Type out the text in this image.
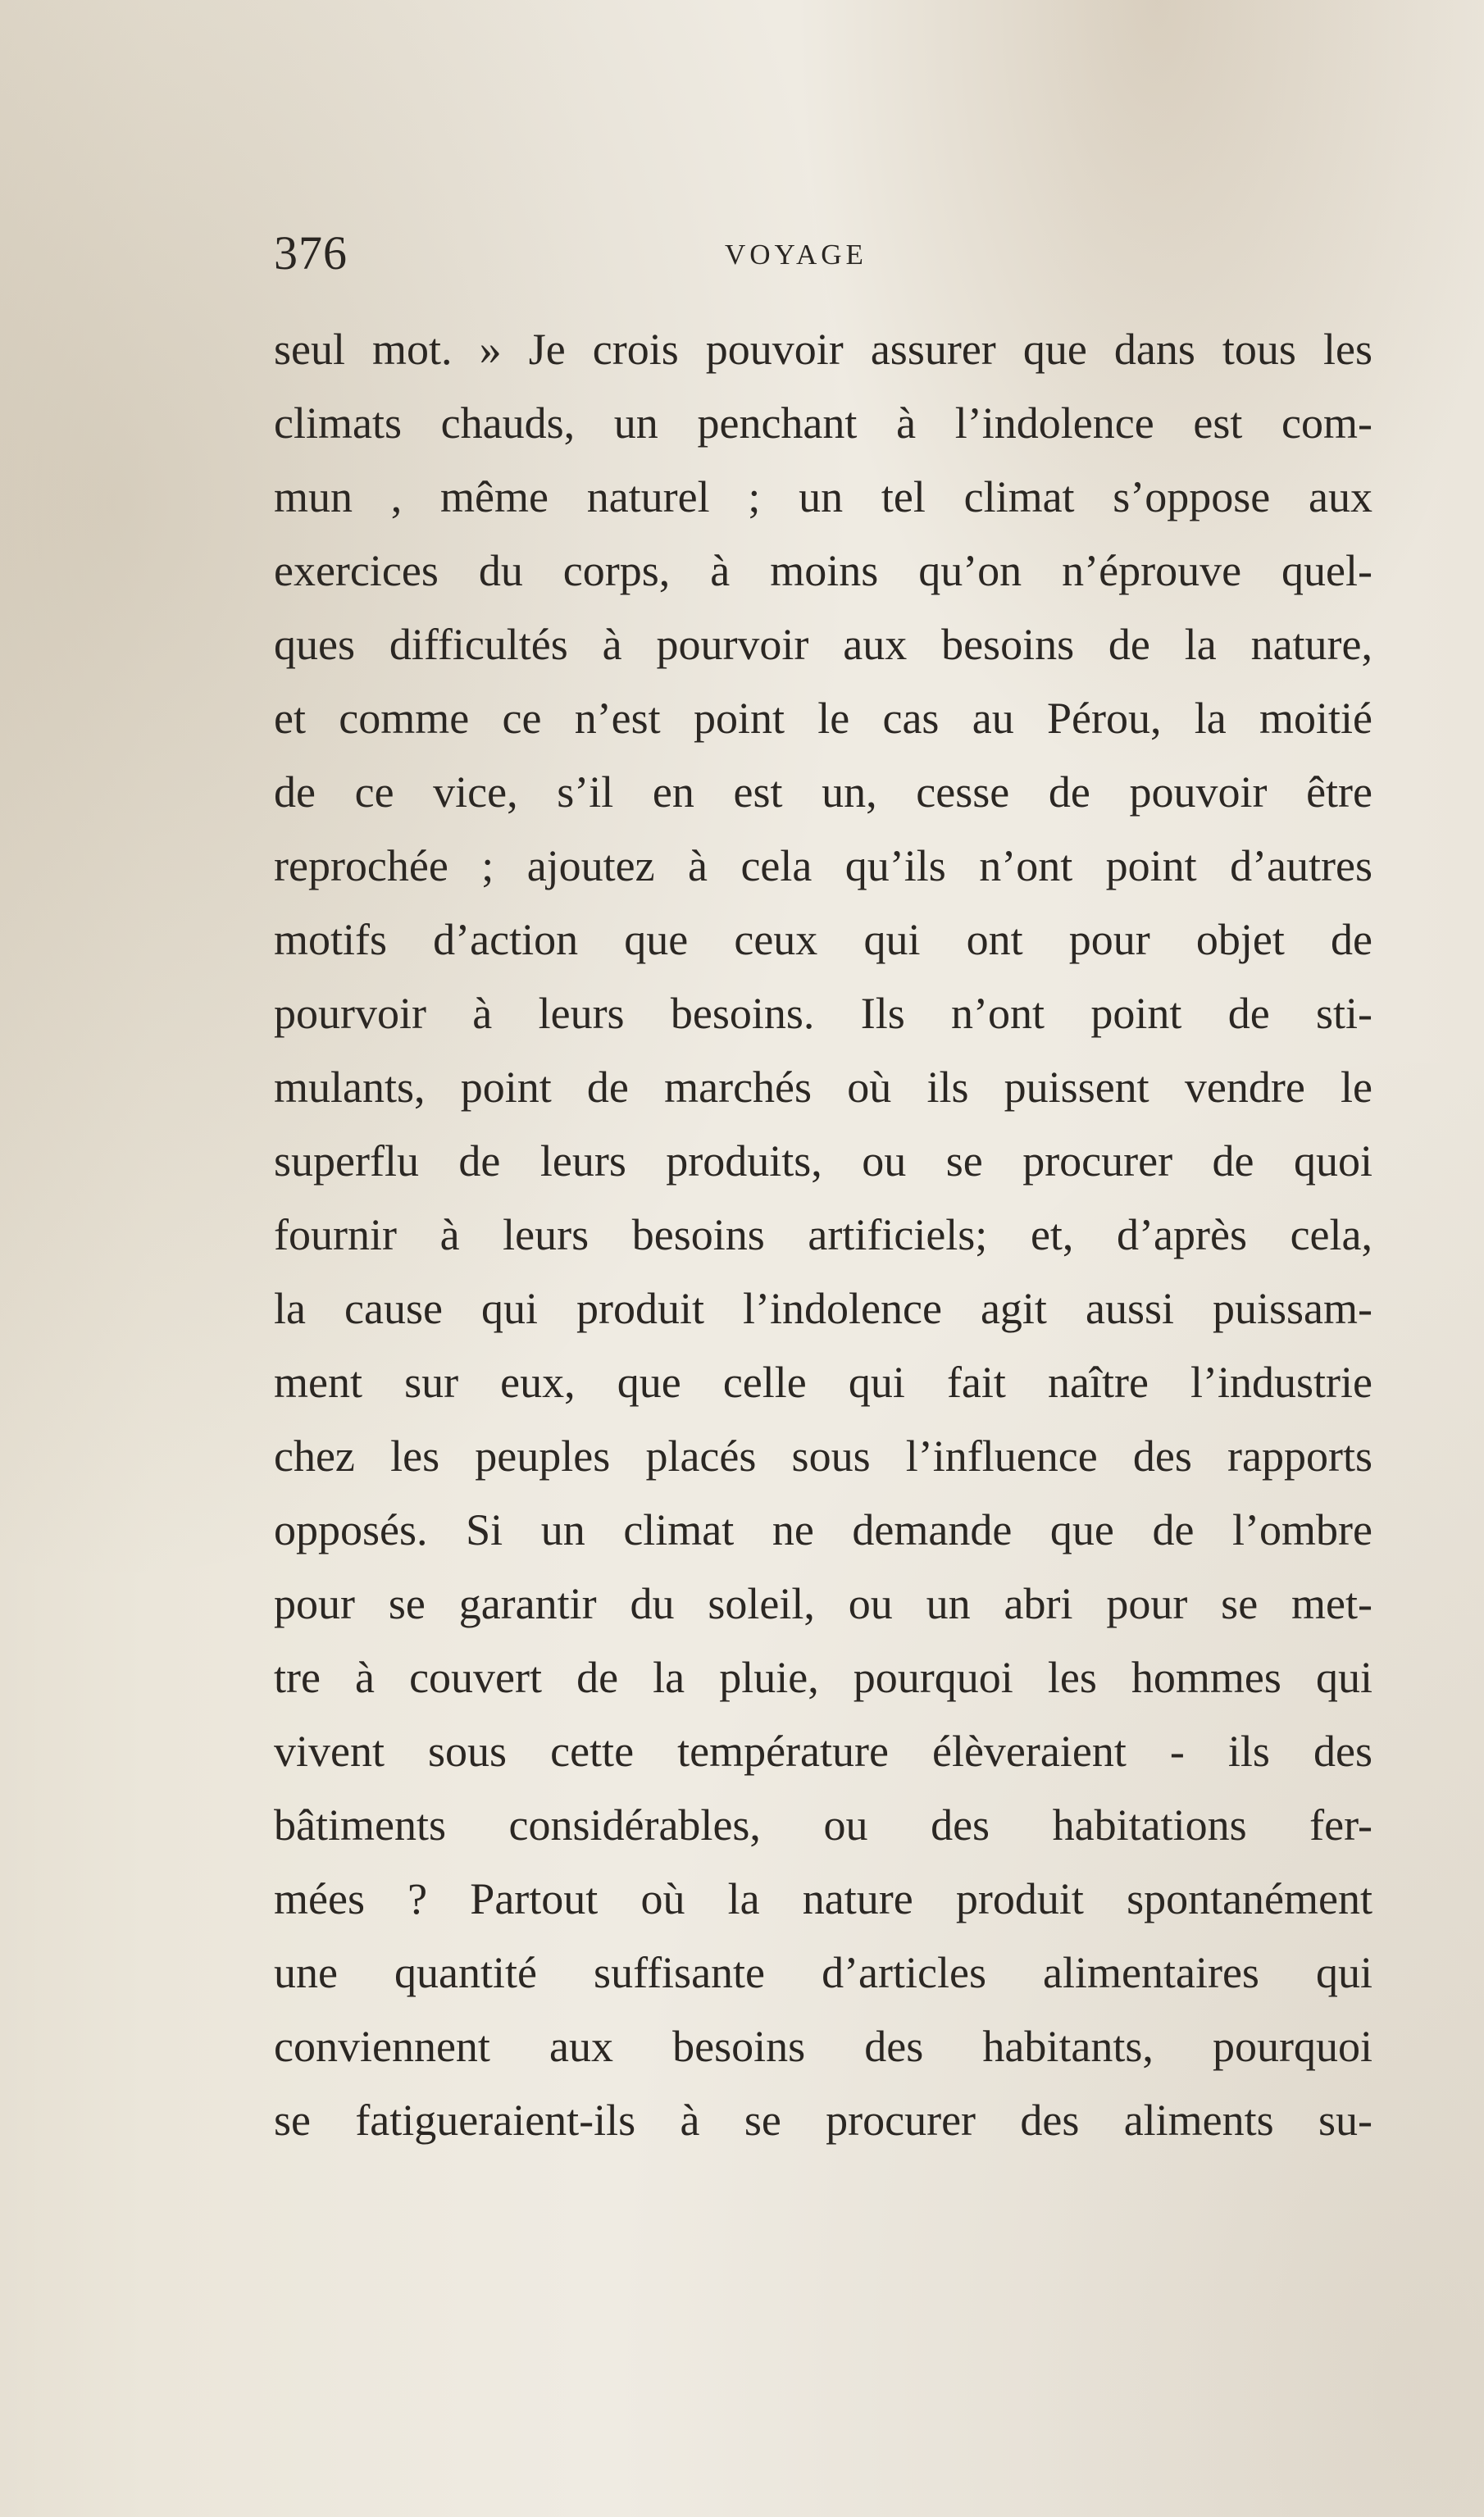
376	VOYAGE
seul mot. » Je crois pouvoir assurer que dans tous les
climats chauds, un penchant à l’indolence est com-
mun , même naturel ; un tel climat s’oppose aux
exercices du corps, à moins qu’on n’éprouve quel-
ques difficultés à pourvoir aux besoins de la nature,
et comme ce n’est point le cas au Pérou, la moitié
de ce vice, s’il en est un, cesse de pouvoir être
reprochée ; ajoutez à cela qu’ils n’ont point d’autres
motifs d’action que ceux qui ont pour objet de
pourvoir à leurs besoins. Ils n’ont point de sti-
mulants, point de marchés où ils puissent vendre le
superflu de leurs produits, ou se procurer de quoi
fournir à leurs besoins artificiels; et, d’après cela,
la cause qui produit l’indolence agit aussi puissam-
ment sur eux, que celle qui fait naître l’industrie
chez les peuples placés sous l’influence des rapports
opposés. Si un climat ne demande que de l’ombre
pour se garantir du soleil, ou un abri pour se met-
tre à couvert de la pluie, pourquoi les hommes qui
vivent sous cette température élèveraient - ils des
bâtiments considérables, ou des habitations fer-
mées ? Partout où la nature produit spontanément
une quantité suffisante d’articles alimentaires qui
conviennent aux besoins des habitants, pourquoi
se fatigueraient-ils à se procurer des aliments su-
